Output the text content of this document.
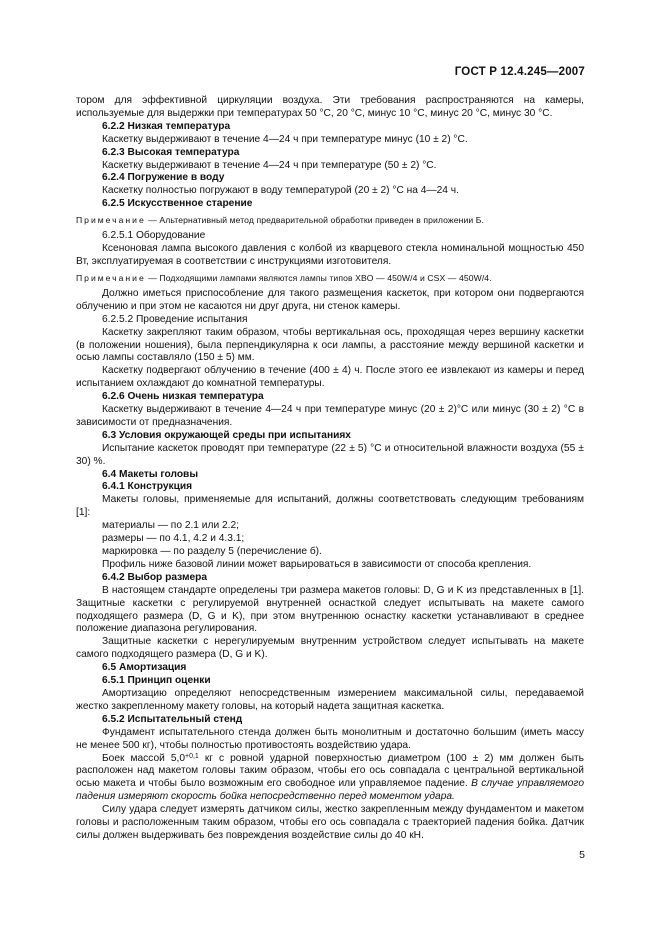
ГОСТ Р 12.4.245—2007

тором для эффективной циркуляции воздуха. Эти требования распространяются на камеры, используемые для выдержки при температурах 50 °С, 20 °С, минус 10 °С, минус 20 °С, минус 30 °С.

6.2.2 Низкая температура

Каскетку выдерживают в течение 4—24 ч при температуре минус (10 ± 2) °С.

6.2.3 Высокая температура

Каскетку выдерживают в течение 4—24 ч при температуре (50 ± 2) °С.

6.2.4 Погружение в воду

Каскетку полностью погружают в воду температурой (20 ± 2) °С на 4—24 ч.

6.2.5 Искусственное старение

Примечание — Альтернативный метод предварительной обработки приведен в приложении Б.

6.2.5.1 Оборудование

Ксеноновая лампа высокого давления с колбой из кварцевого стекла номинальной мощностью 450 Вт, эксплуатируемая в соответствии с инструкциями изготовителя.

Примечание — Подходящими лампами являются лампы типов XBO — 450W/4 и CSX — 450W/4.

Должно иметься приспособление для такого размещения каскеток, при котором они подвергаются облучению и при этом не касаются ни друг друга, ни стенок камеры.

6.2.5.2 Проведение испытания

Каскетку закрепляют таким образом, чтобы вертикальная ось, проходящая через вершину каскетки (в положении ношения), была перпендикулярна к оси лампы, а расстояние между вершиной каскетки и осью лампы составляло (150 ± 5) мм.

Каскетку подвергают облучению в течение (400 ± 4) ч. После этого ее извлекают из камеры и перед испытанием охлаждают до комнатной температуры.

6.2.6 Очень низкая температура

Каскетку выдерживают в течение 4—24 ч при температуре минус (20 ± 2)°С или минус (30 ± 2) °С в зависимости от предназначения.

6.3 Условия окружающей среды при испытаниях

Испытание каскеток проводят при температуре (22 ± 5) °С и относительной влажности воздуха (55 ± 30) %.

6.4 Макеты головы

6.4.1 Конструкция

Макеты головы, применяемые для испытаний, должны соответствовать следующим требованиям [1]:

материалы — по 2.1 или 2.2;

размеры — по 4.1, 4.2 и 4.3.1;

маркировка — по разделу 5 (перечисление б).

Профиль ниже базовой линии может варьироваться в зависимости от способа крепления.

6.4.2 Выбор размера

В настоящем стандарте определены три размера макетов головы: D, G и K из представленных в [1]. Защитные каскетки с регулируемой внутренней оснасткой следует испытывать на макете самого подходящего размера (D, G и K), при этом внутреннюю оснастку каскетки устанавливают в среднее положение диапазона регулирования.

Защитные каскетки с нерегулируемым внутренним устройством следует испытывать на макете самого подходящего размера (D, G и K).

6.5 Амортизация

6.5.1 Принцип оценки

Амортизацию определяют непосредственным измерением максимальной силы, передаваемой жестко закрепленному макету головы, на который надета защитная каскетка.

6.5.2 Испытательный стенд

Фундамент испытательного стенда должен быть монолитным и достаточно большим (иметь массу не менее 500 кг), чтобы полностью противостоять воздействию удара.

Боек массой $5,0^{+0,1}$ кг с ровной ударной поверхностью диаметром (100 ± 2) мм должен быть расположен над макетом головы таким образом, чтобы его ось совпадала с центральной вертикальной осью макета и чтобы было возможным его свободное или управляемое падение. В случае управляемого падения измеряют скорость бойка непосредственно перед моментом удара.

Силу удара следует измерять датчиком силы, жестко закрепленным между фундаментом и макетом головы и расположенным таким образом, чтобы его ось совпадала с траекторией падения бойка. Датчик силы должен выдерживать без повреждения воздействие силы до 40 кН.

5
